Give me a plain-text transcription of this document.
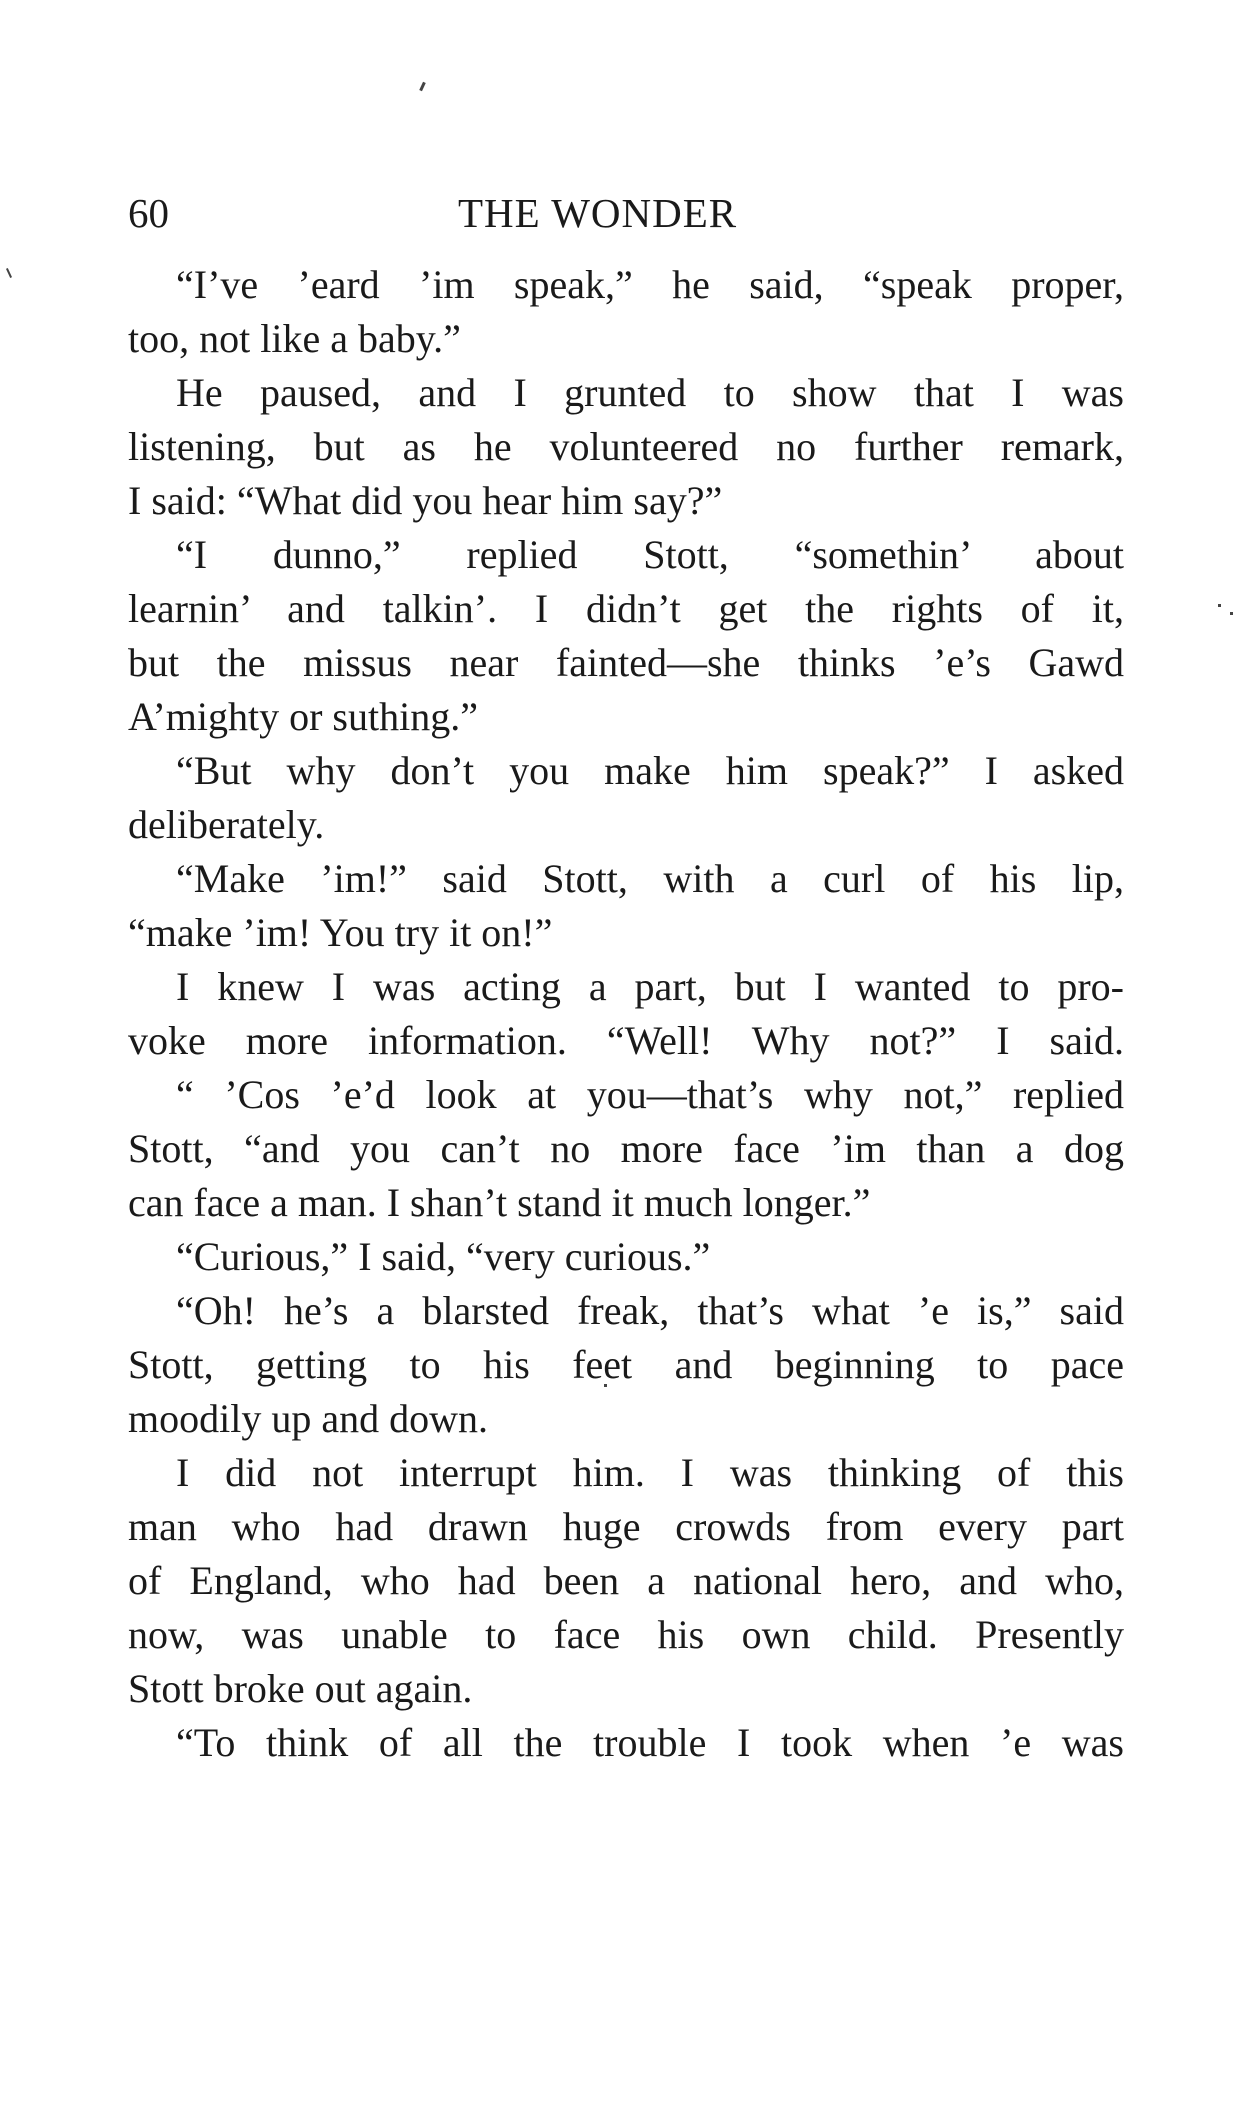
60	THE WONDER
“I’ve ’eard ’im speak,” he said, “speak proper,
too, not like a baby.”
He paused, and I grunted to show that I was
listening, but as he volunteered no further remark,
I said: “What did you hear him say?”
“I dunno,” replied Stott, “somethin’ about
learnin’ and talkin’. I didn’t get the rights of it,
but the missus near fainted—she thinks ’e’s Gawd
A’mighty or suthing.”
“But why don’t you make him speak?” I asked
deliberately.
“Make ’im!” said Stott, with a curl of his lip,
“make ’im! You try it on!”
I knew I was acting a part, but I wanted to pro-
voke more information. “Well! Why not?” I said.
“ ’Cos ’e’d look at you—that’s why not,” replied
Stott, “and you can’t no more face ’im than a dog
can face a man. I shan’t stand it much longer.”
“Curious,” I said, “very curious.”
“Oh! he’s a blarsted freak, that’s what ’e is,” said
Stott, getting to his feet and beginning to pace
moodily up and down.
I did not interrupt him. I was thinking of this
man who had drawn huge crowds from every part
of England, who had been a national hero, and who,
now, was unable to face his own child. Presently
Stott broke out again.
“To think of all the trouble I took when ’e was
